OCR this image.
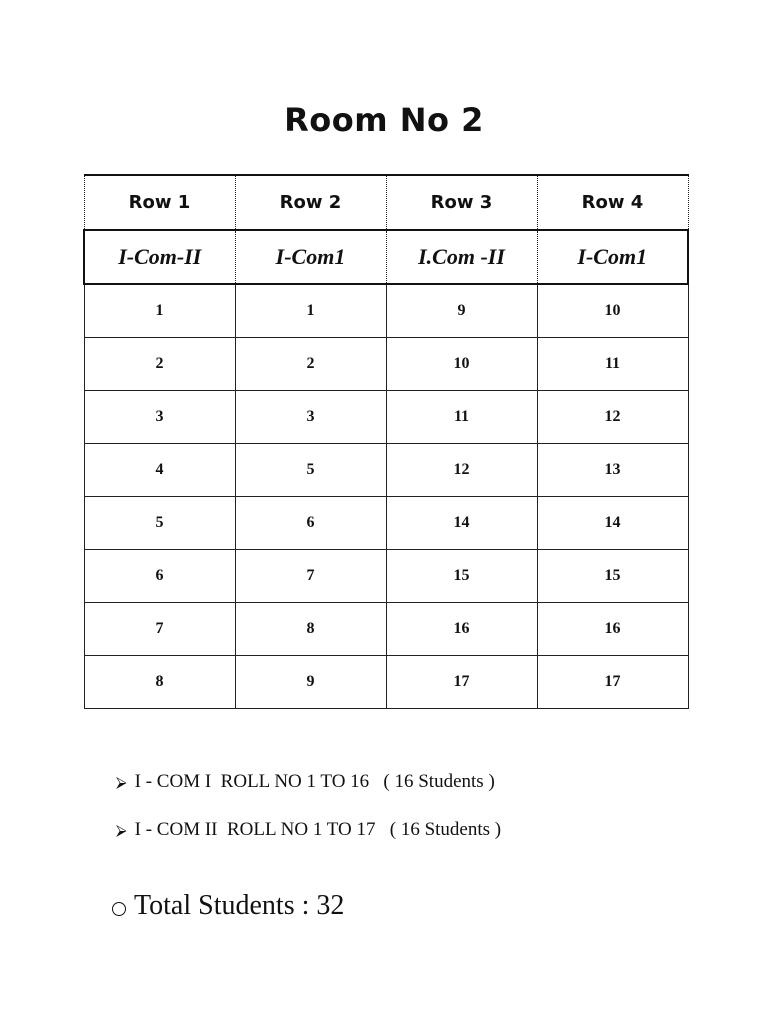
Room No 2
Row 1	Row 2	Row 3	Row 4
I-Com-II	I-Com1	I.Com -II	I-Com1
1	1	9	10
2	2	10	11
3	3	11	12
4	5	12	13
5	6	14	14
6	7	15	15
7	8	16	16
8	9	17	17
⮚ I - COM I  ROLL NO 1 TO 16   ( 16 Students )
⮚ I - COM II  ROLL NO 1 TO 17   ( 16 Students )
Total Students : 32
